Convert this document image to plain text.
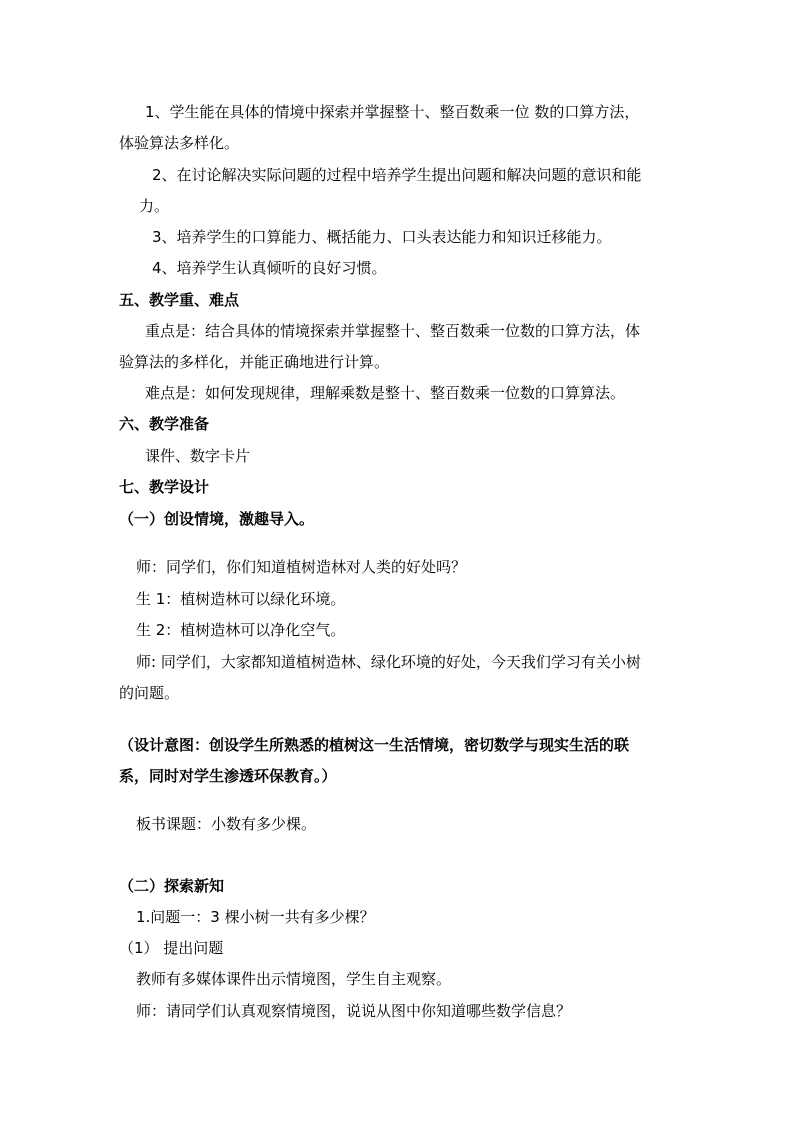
1、学生能在具体的情境中探索并掌握整十、整百数乘一位 数的口算方法，
体验算法多样化。
2、在讨论解决实际问题的过程中培养学生提出问题和解决问题的意识和能
力。
3、培养学生的口算能力、概括能力、口头表达能力和知识迁移能力。
4、培养学生认真倾听的良好习惯。
五、教学重、难点
重点是：结合具体的情境探索并掌握整十、整百数乘一位数的口算方法，体
验算法的多样化，并能正确地进行计算。
难点是：如何发现规律，理解乘数是整十、整百数乘一位数的口算算法。
六、教学准备
课件、数字卡片
七、教学设计
（一）创设情境，激趣导入。
师：同学们，你们知道植树造林对人类的好处吗？
生 1：植树造林可以绿化环境。
生 2：植树造林可以净化空气。
师: 同学们，大家都知道植树造林、绿化环境的好处，今天我们学习有关小树
的问题。
（设计意图：创设学生所熟悉的植树这一生活情境，密切数学与现实生活的联
系，同时对学生渗透环保教育。）
板书课题：小数有多少棵。
（二）探索新知
1.问题一：3 棵小树一共有多少棵？
（1） 提出问题
教师有多媒体课件出示情境图，学生自主观察。
师：请同学们认真观察情境图，说说从图中你知道哪些数学信息？
